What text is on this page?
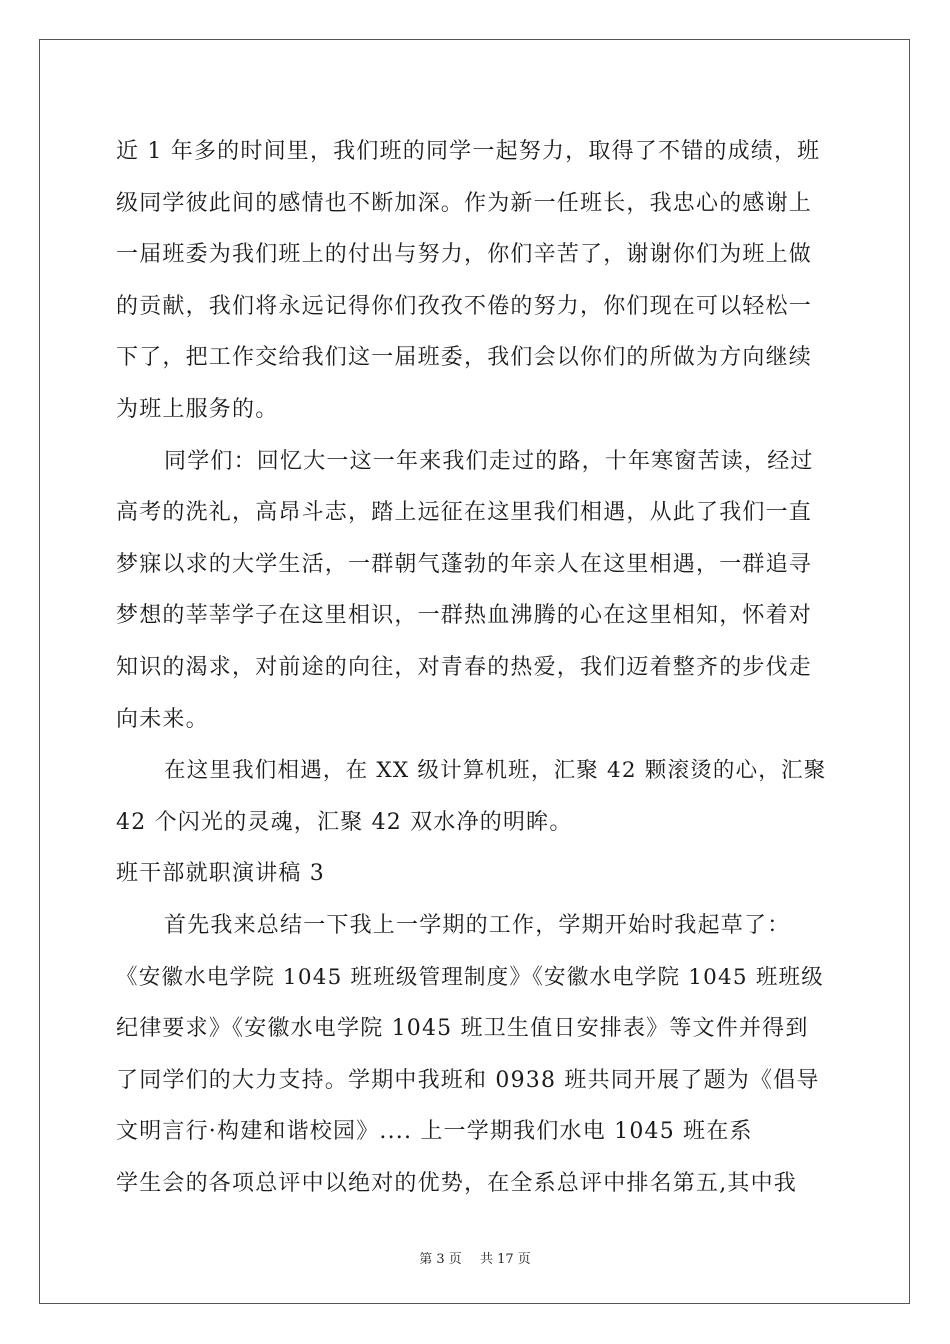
近 1 年多的时间里，我们班的同学一起努力，取得了不错的成绩，班
级同学彼此间的感情也不断加深。作为新一任班长，我忠心的感谢上
一届班委为我们班上的付出与努力，你们辛苦了，谢谢你们为班上做
的贡献，我们将永远记得你们孜孜不倦的努力，你们现在可以轻松一
下了，把工作交给我们这一届班委，我们会以你们的所做为方向继续
为班上服务的。
同学们：回忆大一这一年来我们走过的路，十年寒窗苦读，经过
高考的洗礼，高昂斗志，踏上远征在这里我们相遇，从此了我们一直
梦寐以求的大学生活，一群朝气蓬勃的年亲人在这里相遇，一群追寻
梦想的莘莘学子在这里相识，一群热血沸腾的心在这里相知，怀着对
知识的渴求，对前途的向往，对青春的热爱，我们迈着整齐的步伐走
向未来。
在这里我们相遇，在 XX 级计算机班，汇聚 42 颗滚烫的心，汇聚
42 个闪光的灵魂，汇聚 42 双水净的明眸。
班干部就职演讲稿 3
首先我来总结一下我上一学期的工作，学期开始时我起草了：
《安徽水电学院 1045 班班级管理制度》《安徽水电学院 1045 班班级
纪律要求》《安徽水电学院 1045 班卫生值日安排表》等文件并得到
了同学们的大力支持。学期中我班和 0938 班共同开展了题为《倡导
文明言行·构建和谐校园》.... 上一学期我们水电 1045 班在系
学生会的各项总评中以绝对的优势，在全系总评中排名第五,其中我
第 3 页 共 17 页
